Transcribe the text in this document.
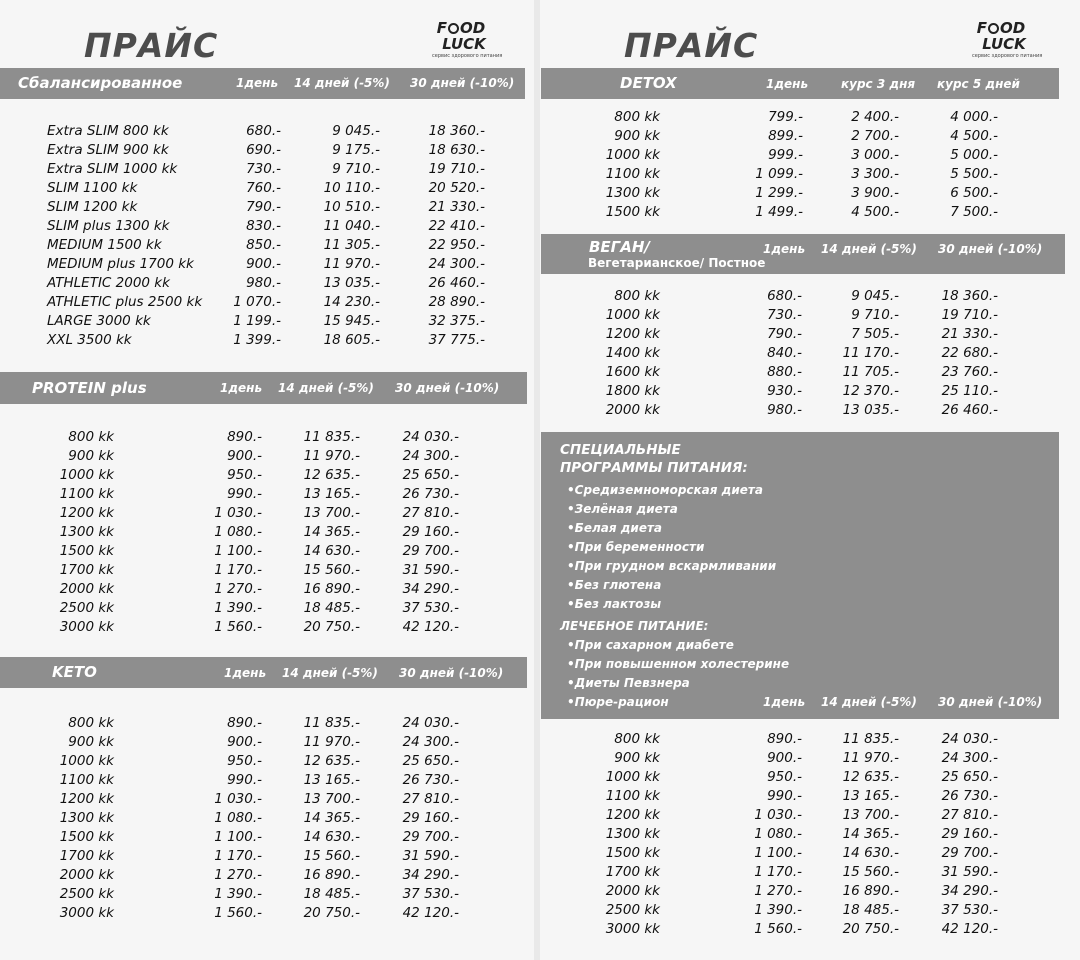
ПРАЙС	F OD
LUCK
сервис здорового питания	ПРАЙС	F OD
LUCK
сервис здорового питания
Сбалансированное	1день 14 дней (-5%) 30 дней (-10%)
Extra SLIM 800 kk	680.-	9 045.-	18 360.-
Extra SLIM 900 kk	690.-	9 175.-	18 630.-
Extra SLIM 1000 kk	730.-	9 710.-	19 710.-
SLIM 1100 kk	760.-	10 110.-	20 520.-
SLIM 1200 kk	790.-	10 510.-	21 330.-
SLIM plus 1300 kk	830.-	11 040.-	22 410.-
MEDIUM 1500 kk	850.-	11 305.-	22 950.-
MEDIUM plus 1700 kk	900.-	11 970.-	24 300.-
ATHLETIC 2000 kk	980.-	13 035.-	26 460.-
ATHLETIC plus 2500 kk 1 070.-	14 230.-	28 890.-
LARGE 3000 kk	1 199.-	15 945.-	32 375.-
XXL 3500 kk	1 399.-	18 605.-	37 775.-
PROTEIN plus	1день 14 дней (-5%) 30 дней (-10%)
800 kk	890.-	11 835.-	24 030.-
900 kk	900.-	11 970.-	24 300.-
1000 kk	950.-	12 635.-	25 650.-
1100 kk	990.-	13 165.-	26 730.-
1200 kk	1 030.-	13 700.-	27 810.-
1300 kk	1 080.-	14 365.-	29 160.-
1500 kk	1 100.-	14 630.-	29 700.-
1700 kk	1 170.-	15 560.-	31 590.-
2000 kk	1 270.-	16 890.-	34 290.-
2500 kk	1 390.-	18 485.-	37 530.-
3000 kk	1 560.-	20 750.-	42 120.-
KETO	1день 14 дней (-5%) 30 дней (-10%)
800 kk	890.-	11 835.-	24 030.-
900 kk	900.-	11 970.-	24 300.-
1000 kk	950.-	12 635.-	25 650.-
1100 kk	990.-	13 165.-	26 730.-
1200 kk	1 030.-	13 700.-	27 810.-
1300 kk	1 080.-	14 365.-	29 160.-
1500 kk	1 100.-	14 630.-	29 700.-
1700 kk	1 170.-	15 560.-	31 590.-
2000 kk	1 270.-	16 890.-	34 290.-
2500 kk	1 390.-	18 485.-	37 530.-
3000 kk	1 560.-	20 750.-	42 120.-
DETOX	1день	курс 3 дня курс 5 дней
800 kk	799.-	2 400.-	4 000.-
900 kk	899.-	2 700.-	4 500.-
1000 kk	999.-	3 000.-	5 000.-
1100 kk	1 099.-	3 300.-	5 500.-
1300 kk	1 299.-	3 900.-	6 500.-
1500 kk	1 499.-	4 500.-	7 500.-
ВЕГАН/
Вегетарианское/ Постное
1день 14 дней (-5%) 30 дней (-10%)
800 kk	680.-	9 045.-	18 360.-
1000 kk	730.-	9 710.-	19 710.-
1200 kk	790.-	7 505.-	21 330.-
1400 kk	840.-	11 170.-	22 680.-
1600 kk	880.-	11 705.-	23 760.-
1800 kk	930.-	12 370.-	25 110.-
2000 kk	980.-	13 035.-	26 460.-
СПЕЦИАЛЬНЫЕ
ПРОГРАММЫ ПИТАНИЯ:
•Средиземноморская диета
•Зелёная диета
•Белая диета
•При беременности
•При грудном вскармливании
•Без глютена
•Без лактозы
ЛЕЧЕБНОЕ ПИТАНИЕ:
•При сахарном диабете
•При повышенном холестерине
•Диеты Певзнера
•Пюре-рацион	1день 14 дней (-5%) 30 дней (-10%)
800 kk	890.-	11 835.-	24 030.-
900 kk	900.-	11 970.-	24 300.-
1000 kk	950.-	12 635.-	25 650.-
1100 kk	990.-	13 165.-	26 730.-
1200 kk	1 030.-	13 700.-	27 810.-
1300 kk	1 080.-	14 365.-	29 160.-
1500 kk	1 100.-	14 630.-	29 700.-
1700 kk	1 170.-	15 560.-	31 590.-
2000 kk	1 270.-	16 890.-	34 290.-
2500 kk	1 390.-	18 485.-	37 530.-
3000 kk	1 560.-	20 750.-	42 120.-
